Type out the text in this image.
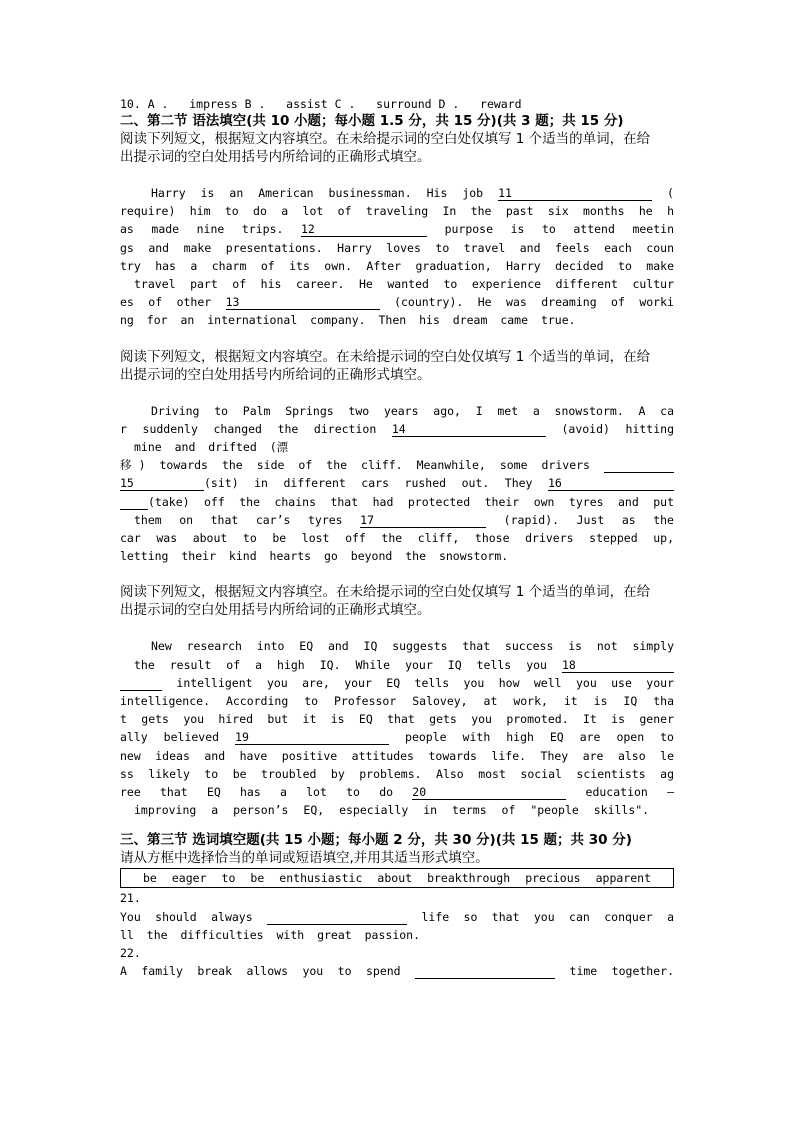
10. A .   impress B .   assist C .   surround D .   reward
二、第二节 语法填空(共 10 小题；每小题 1.5 分，共 15 分)(共 3 题；共 15 分)
阅读下列短文，根据短文内容填空。在未给提示词的空白处仅填写 1 个适当的单词，在给
出提示词的空白处用括号内所给词的正确形式填空。
Harry is an American businessman. His job 11	(
require) him to do a lot of traveling In the past six months he h
as made nine trips. 12	purpose is to attend meetin
gs and make presentations. Harry loves to travel and feels each coun
try has a charm of its own. After graduation, Harry decided to make
travel part of his career. He wanted to experience different cultur
es of other 13	(country). He was dreaming of worki
ng for an international company. Then his dream came true.
阅读下列短文，根据短文内容填空。在未给提示词的空白处仅填写 1 个适当的单词，在给
出提示词的空白处用括号内所给词的正确形式填空。
Driving to Palm Springs two years ago, I met a snowstorm. A ca
r suddenly changed the direction 14	(avoid) hitting
mine and drifted (漂
移) towards the side of the cliff. Meanwhile, some drivers
15	(sit) in different cars rushed out. They 16
(take) off the chains that had protected their own tyres and put
them on that car’s tyres 17	(rapid). Just as the
car was about to be lost off the cliff, those drivers stepped up,
letting their kind hearts go beyond the snowstorm.
阅读下列短文，根据短文内容填空。在未给提示词的空白处仅填写 1 个适当的单词，在给
出提示词的空白处用括号内所给词的正确形式填空。
New research into EQ and IQ suggests that success is not simply
the result of a high IQ. While your IQ tells you 18
intelligent you are, your EQ tells you how well you use your
intelligence. According to Professor Salovey, at work, it is IQ tha
t gets you hired but it is EQ that gets you promoted. It is gener
ally believed 19	people with high EQ are open to
new ideas and have positive attitudes towards life. They are also le
ss likely to be troubled by problems. Also most social scientists ag
ree that EQ has a lot to do 20	education —
improving a person’s EQ, especially in terms of "people skills".
三、第三节 选词填空题(共 15 小题；每小题 2 分，共 30 分)(共 15 题；共 30 分)
请从方框中选择恰当的单词或短语填空,并用其适当形式填空。
be eager to be enthusiastic about breakthrough precious apparent
21.
You should always	life so that you can conquer a
ll the difficulties with great passion.
22.
A family break allows you to spend	time together.
